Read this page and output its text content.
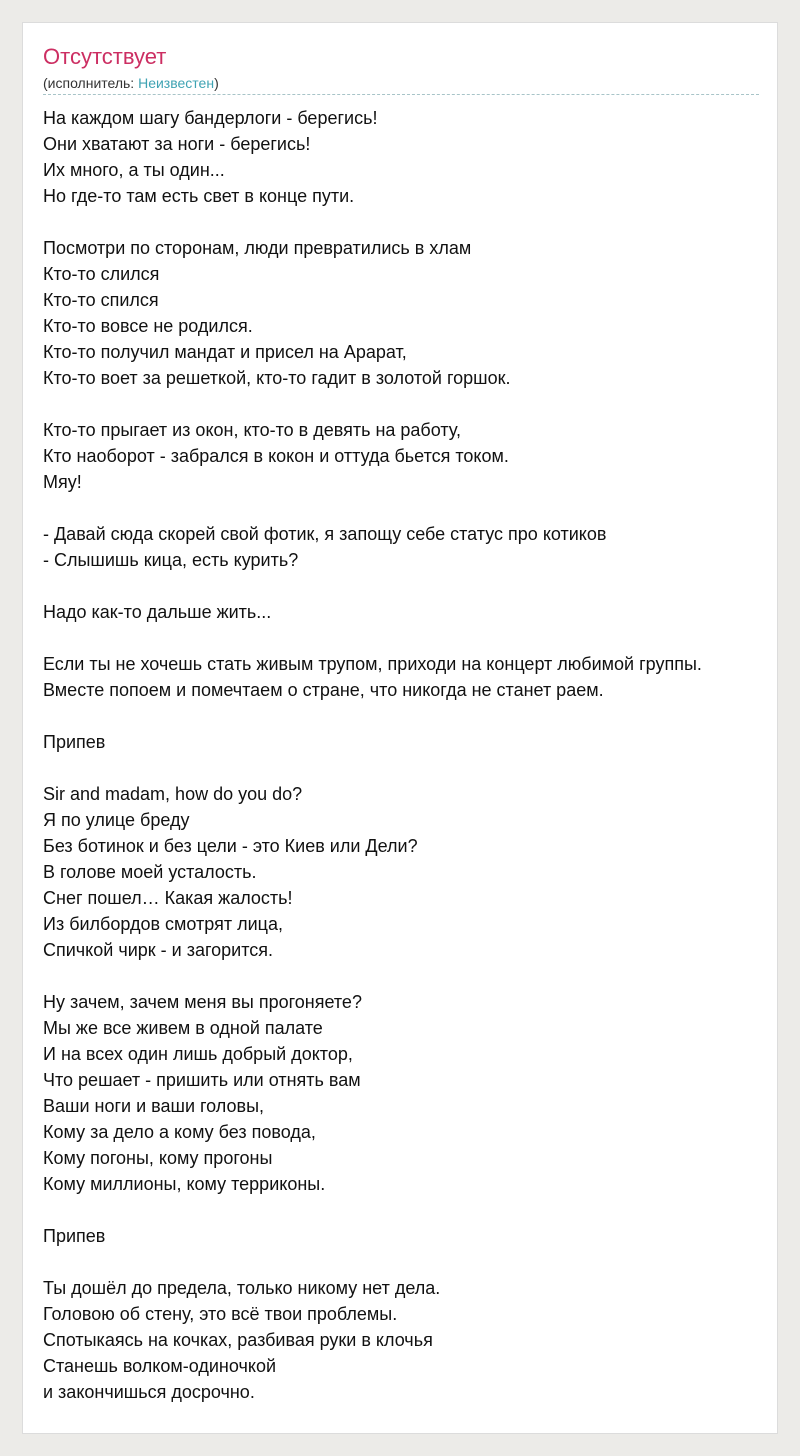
Отсутствует
(исполнитель: Неизвестен)
На каждом шагу бандерлоги - берегись!
Они хватают за ноги - берегись!
Их много, а ты один...
Но где-то там есть свет в конце пути.
Посмотри по сторонам, люди превратились в хлам
Кто-то слился
Кто-то спился
Кто-то вовсе не родился.
Кто-то получил мандат и присел на Арарат,
Кто-то воет за решеткой, кто-то гадит в золотой горшок.
Кто-то прыгает из окон, кто-то в девять на работу,
Кто наоборот - забрался в кокон и оттуда бьется током.
Мяу!
- Давай сюда скорей свой фотик, я запощу себе статус про котиков
- Слышишь кица, есть курить?
Надо как-то дальше жить...
Если ты не хочешь стать живым трупом, приходи на концерт любимой группы.
Вместе попоем и помечтаем о стране, что никогда не станет раем.
Припев
Sir and madam, how do you do?
Я по улице бреду
Без ботинок и без цели - это Киев или Дели?
В голове моей усталость.
Снег пошел… Какая жалость!
Из билбордов смотрят лица,
Спичкой чирк - и загорится.
Ну зачем, зачем меня вы прогоняете?
Мы же все живем в одной палате
И на всех один лишь добрый доктор,
Что решает - пришить или отнять вам
Ваши ноги и ваши головы,
Кому за дело а кому без повода,
Кому погоны, кому прогоны
Кому миллионы, кому терриконы.
Припев
Ты дошёл до предела, только никому нет дела.
Головою об стену, это всё твои проблемы.
Спотыкаясь на кочках, разбивая руки в клочья
Станешь волком-одиночкой
и закончишься досрочно.
